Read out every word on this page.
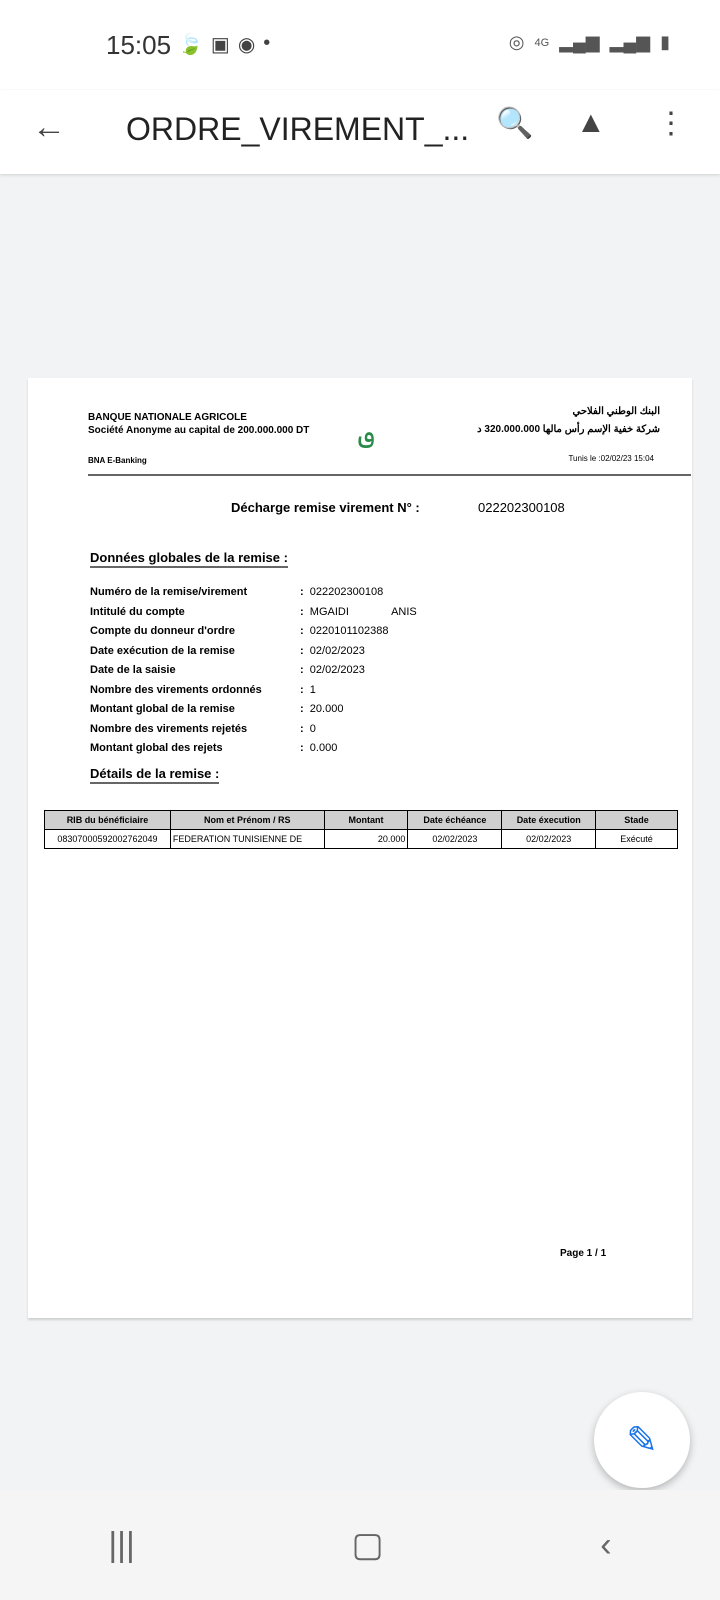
15:05 🍃 ▣ ◉ •	◎ 4G ▂▄▆ ▂▄▆ ▮
← ORDRE_VIREMENT_... 🔍 ▲ ⋮
BANQUE NATIONALE AGRICOLE
Société Anonyme au capital de 200.000.000 DT ࢼ
البنك الوطني الفلاحي
شركة خفية الإسم رأس مالها 320.000.000 د
BNA E-Banking	Tunis le :02/02/23 15:04
Décharge remise virement N° :	022202300108
Données globales de la remise :
Numéro de la remise/virement	: 022202300108
Intitulé du compte	: MGAIDI              ANIS
Compte du donneur d'ordre	: 0220101102388
Date exécution de la remise	: 02/02/2023
Date de la saisie	: 02/02/2023
Nombre des virements ordonnés	: 1
Montant global de la remise	: 20.000
Nombre des virements rejetés	: 0
Montant global des rejets	: 0.000
Détails de la remise :
RIB du bénéficiaire	Nom et Prénom / RS	Montant	Date échéance	Date éxecution	Stade
08307000592002762049	FEDERATION TUNISIENNE DE	20.000	02/02/2023	02/02/2023	Exécuté
Page 1 / 1
✎
|||	▢	‹
